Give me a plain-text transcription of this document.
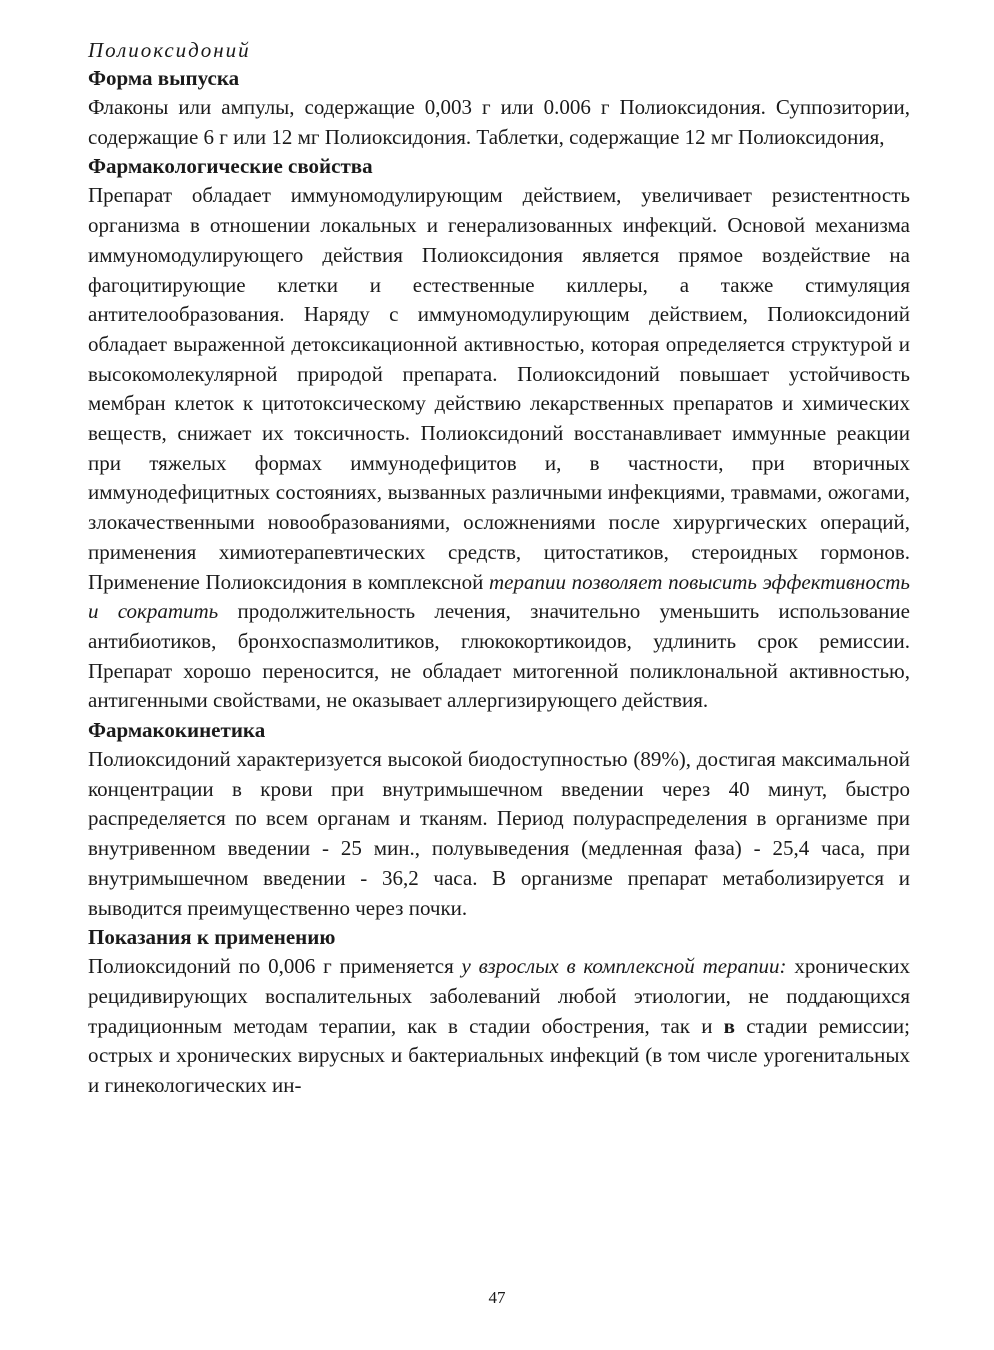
Полиоксидоний

Форма выпуска

Флаконы или ампулы, содержащие 0,003 г или 0.006 г Полиоксидония. Суппозитории, содержащие 6 г или 12 мг Полиоксидония. Таблетки, содержащие 12 мг Полиоксидония,

Фармакологические свойства

Препарат обладает иммуномодулирующим действием, увеличивает резистентность организма в отношении локальных и генерализованных инфекций. Основой механизма иммуномодулирующего действия Полиоксидония является прямое воздействие на фагоцитирующие клетки и естественные киллеры, а также стимуляция антителообразования. Наряду с иммуномодулирующим действием, Полиоксидоний обладает выраженной детоксикационной активностью, которая определяется структурой и высокомолекулярной природой препарата. Полиоксидоний повышает устойчивость мембран клеток к цитотоксическому действию лекарственных препаратов и химических веществ, снижает их токсичность. Полиоксидоний восстанавливает иммунные реакции при тяжелых формах иммунодефицитов и, в частности, при вторичных иммунодефицитных состояниях, вызванных различными инфекциями, травмами, ожогами, злокачественными новообразованиями, осложнениями после хирургических операций, применения химиотерапевтических средств, цитостатиков, стероидных гормонов. Применение Полиоксидония в комплексной терапии позволяет повысить эффективность и сократить продолжительность лечения, значительно уменьшить использование антибиотиков, бронхоспазмолитиков, глюкокортикоидов, удлинить срок ремиссии. Препарат хорошо переносится, не обладает митогенной поликлональной активностью, антигенными свойствами, не оказывает аллергизирующего действия.

Фармакокинетика

Полиоксидоний характеризуется высокой биодоступностью (89%), достигая максимальной концентрации в крови при внутримышечном введении через 40 минут, быстро распределяется по всем органам и тканям. Период полураспределения в организме при внутривенном введении - 25 мин., полувыведения (медленная фаза) - 25,4 часа, при внутримышечном введении - 36,2 часа. В организме препарат метаболизируется и выводится преимущественно через почки.

Показания к применению

Полиоксидоний по 0,006 г применяется у взрослых в комплексной терапии: хронических рецидивирующих воспалительных заболеваний любой этиологии, не поддающихся традиционным методам терапии, как в стадии обострения, так и в стадии ремиссии; острых и хронических вирусных и бактериальных инфекций (в том числе урогенитальных и гинекологических ин-

47
